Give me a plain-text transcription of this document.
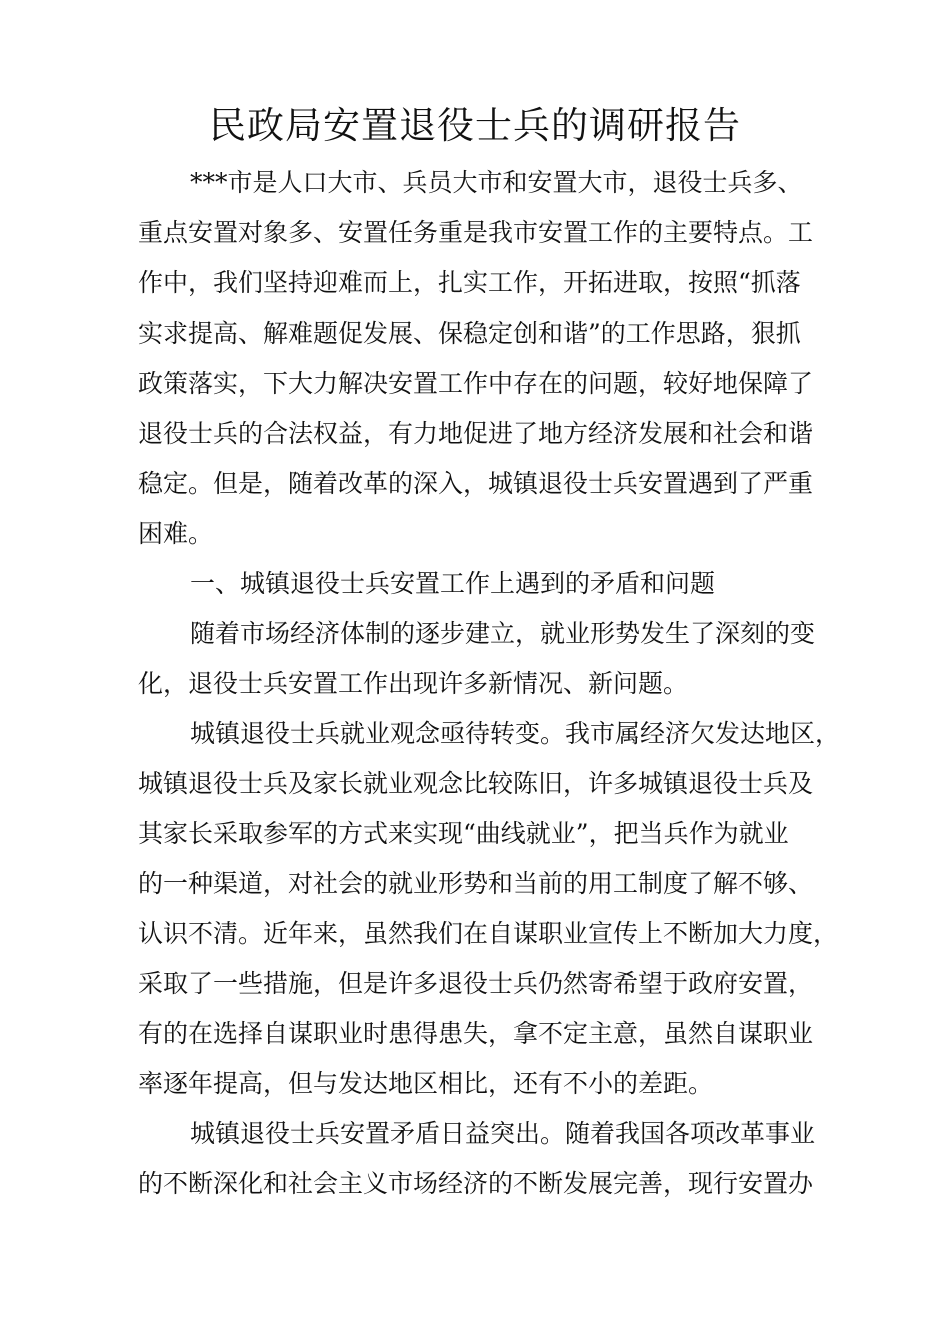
民政局安置退役士兵的调研报告

***市是人口大市、兵员大市和安置大市，退役士兵多、

重点安置对象多、安置任务重是我市安置工作的主要特点。工

作中，我们坚持迎难而上，扎实工作，开拓进取，按照“抓落

实求提高、解难题促发展、保稳定创和谐”的工作思路，狠抓

政策落实，下大力解决安置工作中存在的问题，较好地保障了

退役士兵的合法权益，有力地促进了地方经济发展和社会和谐

稳定。但是，随着改革的深入，城镇退役士兵安置遇到了严重

困难。

一、城镇退役士兵安置工作上遇到的矛盾和问题

随着市场经济体制的逐步建立，就业形势发生了深刻的变

化，退役士兵安置工作出现许多新情况、新问题。

城镇退役士兵就业观念亟待转变。我市属经济欠发达地区，

城镇退役士兵及家长就业观念比较陈旧，许多城镇退役士兵及

其家长采取参军的方式来实现“曲线就业”，把当兵作为就业

的一种渠道，对社会的就业形势和当前的用工制度了解不够、

认识不清。近年来，虽然我们在自谋职业宣传上不断加大力度，

采取了一些措施，但是许多退役士兵仍然寄希望于政府安置，

有的在选择自谋职业时患得患失，拿不定主意，虽然自谋职业

率逐年提高，但与发达地区相比，还有不小的差距。

城镇退役士兵安置矛盾日益突出。随着我国各项改革事业

的不断深化和社会主义市场经济的不断发展完善，现行安置办
